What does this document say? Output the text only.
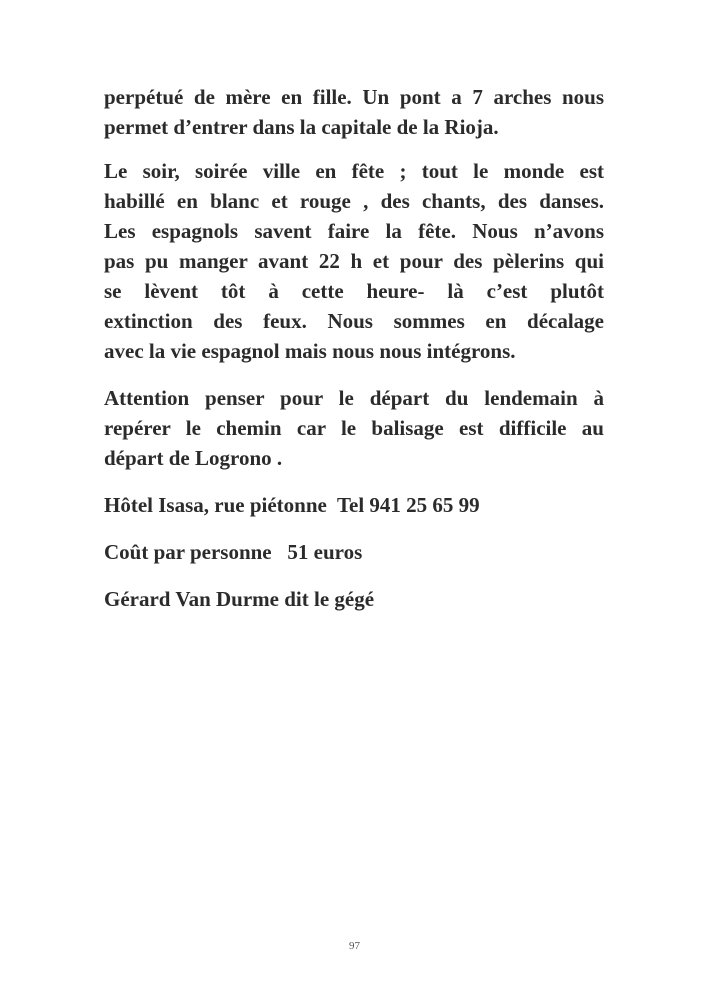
perpétué de mère en fille. Un pont a 7 arches nous
permet d’entrer dans la capitale de la Rioja.
Le soir, soirée ville en fête ; tout le monde est
habillé en blanc et rouge , des chants, des danses.
Les espagnols savent faire la fête. Nous n’avons
pas pu manger avant 22 h et pour des pèlerins qui
se lèvent tôt à cette heure- là c’est plutôt
extinction des feux. Nous sommes en décalage
avec la vie espagnol mais nous nous intégrons.
Attention penser pour le départ du lendemain à
repérer le chemin car le balisage est difficile au
départ de Logrono .
Hôtel Isasa, rue piétonne  Tel 941 25 65 99
Coût par personne   51 euros
Gérard Van Durme dit le gégé
97
